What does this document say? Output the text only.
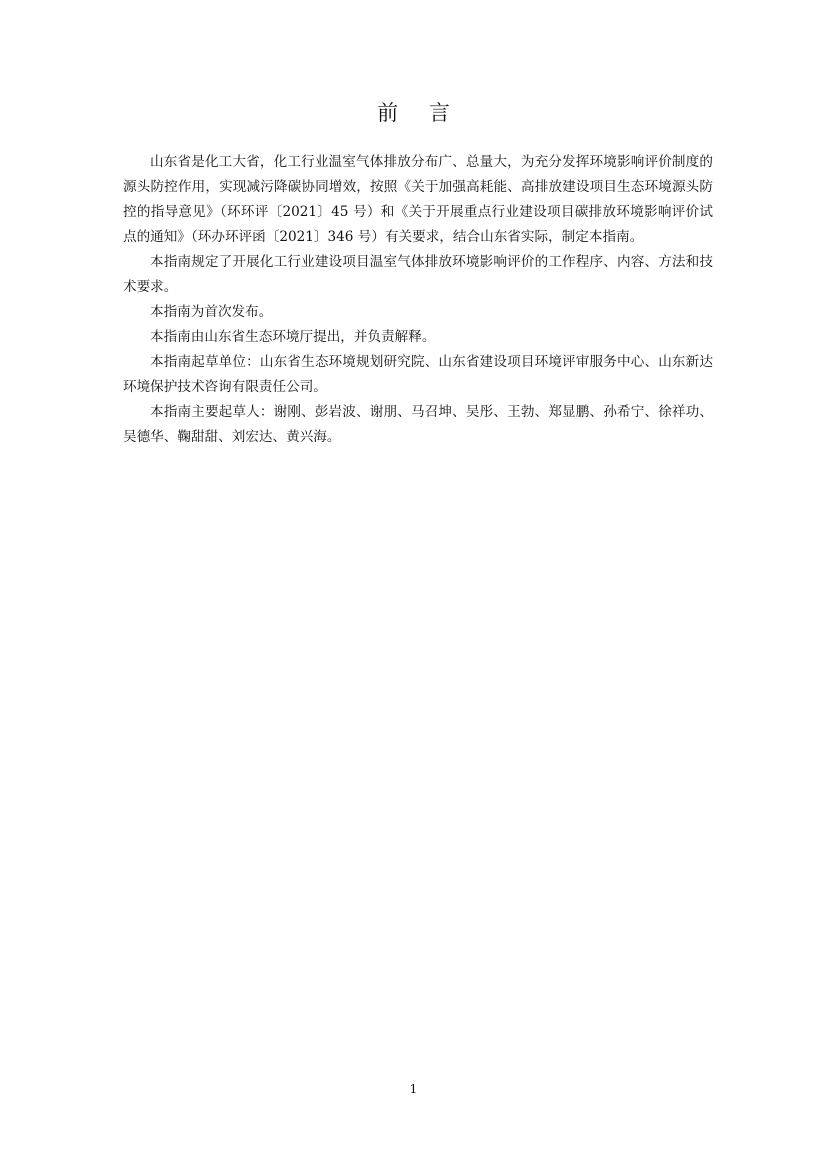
前 言

山东省是化工大省，化工行业温室气体排放分布广、总量大，为充分发挥环境影响评价制度的源头防控作用，实现减污降碳协同增效，按照《关于加强高耗能、高排放建设项目生态环境源头防控的指导意见》（环环评〔2021〕45 号）和《关于开展重点行业建设项目碳排放环境影响评价试点的通知》（环办环评函〔2021〕346 号）有关要求，结合山东省实际，制定本指南。

本指南规定了开展化工行业建设项目温室气体排放环境影响评价的工作程序、内容、方法和技术要求。

本指南为首次发布。

本指南由山东省生态环境厅提出，并负责解释。

本指南起草单位：山东省生态环境规划研究院、山东省建设项目环境评审服务中心、山东新达环境保护技术咨询有限责任公司。

本指南主要起草人：谢刚、彭岩波、谢朋、马召坤、吴彤、王勃、郑显鹏、孙希宁、徐祥功、吴德华、鞠甜甜、刘宏达、黄兴海。

1
